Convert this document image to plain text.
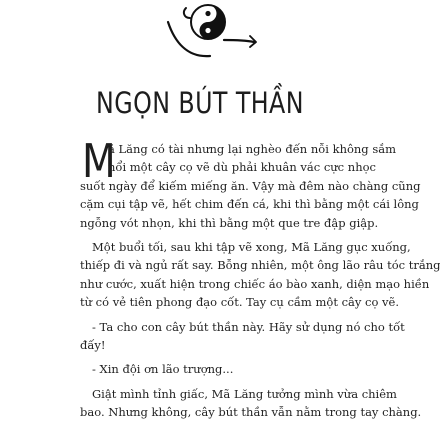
NGỌN BÚT THẦN
M
ã Lăng có tài nhưng lại nghèo đến nỗi không sắm
nổi một cây cọ vẽ dù phải khuân vác cực nhọc
suốt ngày để kiếm miếng ăn. Vậy mà đêm nào chàng cũng
cặm cụi tập vẽ, hết chim đến cá, khi thì bằng một cái lông
ngỗng vót nhọn, khi thì bằng một que tre đập giập.
Một buổi tối, sau khi tập vẽ xong, Mã Lăng gục xuống,
thiếp đi và ngủ rất say. Bỗng nhiên, một ông lão râu tóc trắng
như cước, xuất hiện trong chiếc áo bào xanh, diện mạo hiền
từ có vẻ tiên phong đạo cốt. Tay cụ cầm một cây cọ vẽ.
- Ta cho con cây bút thần này. Hãy sử dụng nó cho tốt
đấy!
- Xin đội ơn lão trượng...
Giật mình tỉnh giấc, Mã Lăng tưởng mình vừa chiêm
bao. Nhưng không, cây bút thần vẫn nằm trong tay chàng.
